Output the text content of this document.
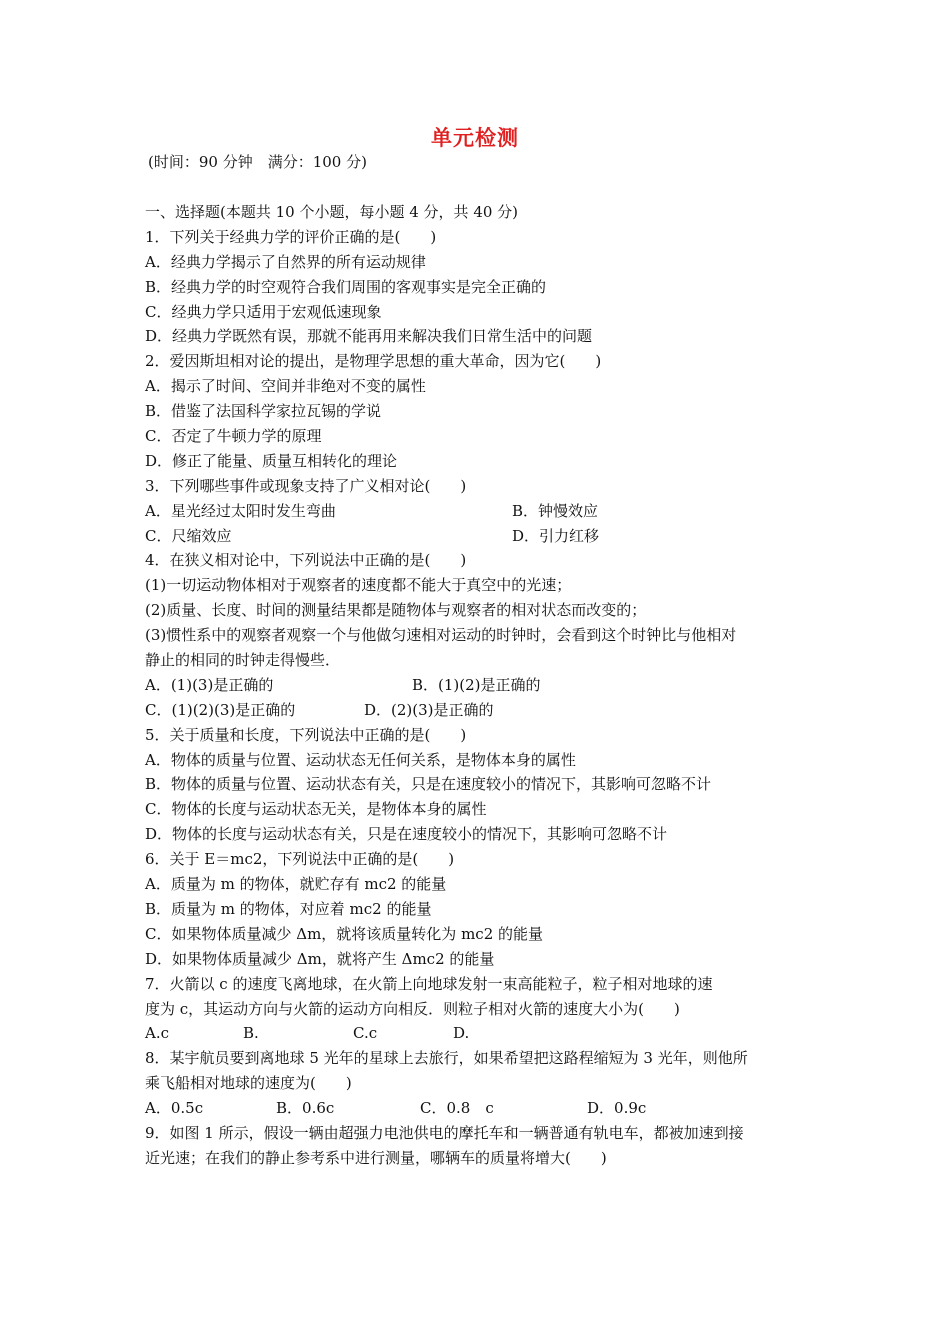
单元检测
(时间：90 分钟　满分：100 分)
一、选择题(本题共 10 个小题，每小题 4 分，共 40 分)
1．下列关于经典力学的评价正确的是(　　)
A．经典力学揭示了自然界的所有运动规律
B．经典力学的时空观符合我们周围的客观事实是完全正确的
C．经典力学只适用于宏观低速现象
D．经典力学既然有误，那就不能再用来解决我们日常生活中的问题
2．爱因斯坦相对论的提出，是物理学思想的重大革命，因为它(　　)
A．揭示了时间、空间并非绝对不变的属性
B．借鉴了法国科学家拉瓦锡的学说
C．否定了牛顿力学的原理
D．修正了能量、质量互相转化的理论
3．下列哪些事件或现象支持了广义相对论(　　)
A．星光经过太阳时发生弯曲	B．钟慢效应
C．尺缩效应	D．引力红移
4．在狭义相对论中，下列说法中正确的是(　　)
(1)一切运动物体相对于观察者的速度都不能大于真空中的光速；
(2)质量、长度、时间的测量结果都是随物体与观察者的相对状态而改变的；
(3)惯性系中的观察者观察一个与他做匀速相对运动的时钟时，会看到这个时钟比与他相对
静止的相同的时钟走得慢些．
A．(1)(3)是正确的	B．(1)(2)是正确的
C．(1)(2)(3)是正确的	D．(2)(3)是正确的
5．关于质量和长度，下列说法中正确的是(　　)
A．物体的质量与位置、运动状态无任何关系，是物体本身的属性
B．物体的质量与位置、运动状态有关，只是在速度较小的情况下，其影响可忽略不计
C．物体的长度与运动状态无关，是物体本身的属性
D．物体的长度与运动状态有关，只是在速度较小的情况下，其影响可忽略不计
6．关于 E＝mc2，下列说法中正确的是(　　)
A．质量为 m 的物体，就贮存有 mc2 的能量
B．质量为 m 的物体，对应着 mc2 的能量
C．如果物体质量减少 Δm，就将该质量转化为 mc2 的能量
D．如果物体质量减少 Δm，就将产生 Δmc2 的能量
7．火箭以 c 的速度飞离地球，在火箭上向地球发射一束高能粒子，粒子相对地球的速
度为 c，其运动方向与火箭的运动方向相反．则粒子相对火箭的速度大小为(　　)
A.c	B.	C.c	D.
8．某宇航员要到离地球 5 光年的星球上去旅行，如果希望把这路程缩短为 3 光年，则他所
乘飞船相对地球的速度为(　　)
A．0.5c	B．0.6c	C．0.8　c	D．0.9c
9．如图 1 所示，假设一辆由超强力电池供电的摩托车和一辆普通有轨电车，都被加速到接
近光速；在我们的静止参考系中进行测量，哪辆车的质量将增大(　　)
